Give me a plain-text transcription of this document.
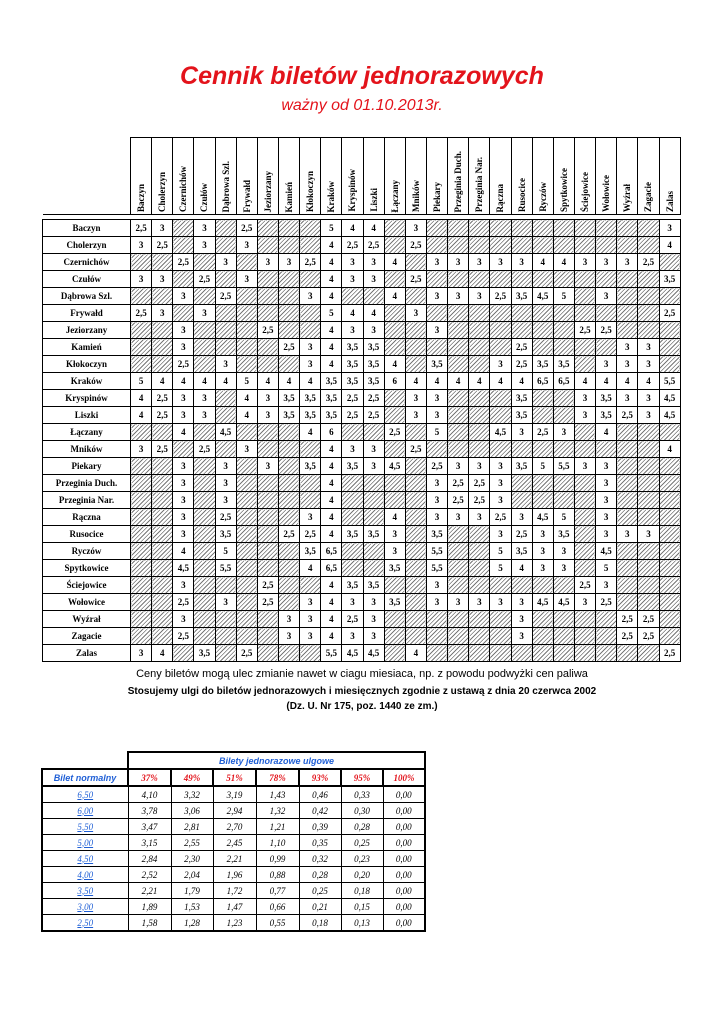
Cennik biletów jednorazowych
ważny od 01.10.2013r.
	Baczyn	Cholerzyn	Czernichów	Czułów	Dąbrowa Szl.	Frywałd	Jeziorzany	Kamień	Kłokoczyn	Kraków	Kryspinów	Liszki	Łączany	Mników	Piekary	Przeginia Duch.	Przeginia Nar.	Rączna	Rusocice	Ryczów	Spytkowice	Ściejowice	Wołowice	Wyźrał	Zagacie	Zalas

Baczyn	2,5	3		3		2,5				5	4	4		3												3
Cholerzyn	3	2,5		3		3				4	2,5	2,5		2,5												4
Czernichów			2,5		3		3	3	2,5	4	3	3	4		3	3	3	3	3	4	4	3	3	3	2,5	
Czułów	3	3		2,5		3				4	3	3		2,5												3,5
Dąbrowa Szl.			3		2,5				3	4			4		3	3	3	2,5	3,5	4,5	5		3			
Frywałd	2,5	3		3						5	4	4		3												2,5
Jeziorzany			3				2,5			4	3	3			3							2,5	2,5			
Kamień			3					2,5	3	4	3,5	3,5							2,5					3	3	
Kłokoczyn			2,5		3				3	4	3,5	3,5	4		3,5			3	2,5	3,5	3,5		3	3	3	
Kraków	5	4	4	4	4	5	4	4	4	3,5	3,5	3,5	6	4	4	4	4	4	4	6,5	6,5	4	4	4	4	5,5
Kryspinów	4	2,5	3	3		4	3	3,5	3,5	3,5	2,5	2,5		3	3				3,5			3	3,5	3	3	4,5
Liszki	4	2,5	3	3		4	3	3,5	3,5	3,5	2,5	2,5		3	3				3,5			3	3,5	2,5	3	4,5
Łączany			4		4,5				4	6			2,5		5			4,5	3	2,5	3		4			
Mników	3	2,5		2,5		3				4	3	3		2,5												4
Piekary			3		3		3		3,5	4	3,5	3	4,5		2,5	3	3	3	3,5	5	5,5	3	3			
Przeginia Duch.			3		3					4					3	2,5	2,5	3					3			
Przeginia Nar.			3		3					4					3	2,5	2,5	3					3			
Rączna			3		2,5				3	4			4		3	3	3	2,5	3	4,5	5		3			
Rusocice			3		3,5			2,5	2,5	4	3,5	3,5	3		3,5			3	2,5	3	3,5		3	3	3	
Ryczów			4		5				3,5	6,5			3		5,5			5	3,5	3	3		4,5			
Spytkowice			4,5		5,5				4	6,5			3,5		5,5			5	4	3	3		5			
Ściejowice			3				2,5			4	3,5	3,5			3							2,5	3			
Wołowice			2,5		3		2,5		3	4	3	3	3,5		3	3	3	3	3	4,5	4,5	3	2,5			
Wyźrał			3					3	3	4	2,5	3							3					2,5	2,5	
Zagacie			2,5					3	3	4	3	3							3					2,5	2,5	
Zalas	3	4		3,5		2,5				5,5	4,5	4,5		4												2,5
Ceny biletów mogą ulec zmianie nawet w ciagu miesiaca, np. z powodu podwyżki cen paliwa
Stosujemy ulgi do biletów jednorazowych i miesięcznych zgodnie z ustawą z dnia 20 czerwca 2002
(Dz. U. Nr 175, poz. 1440 ze zm.)
	Bilety jednorazowe ulgowe						
Bilet normalny	37%	49%	51%	78%	93%	95%	100%
6,50	4,10	3,32	3,19	1,43	0,46	0,33	0,00
6,00	3,78	3,06	2,94	1,32	0,42	0,30	0,00
5,50	3,47	2,81	2,70	1,21	0,39	0,28	0,00
5,00	3,15	2,55	2,45	1,10	0,35	0,25	0,00
4,50	2,84	2,30	2,21	0,99	0,32	0,23	0,00
4,00	2,52	2,04	1,96	0,88	0,28	0,20	0,00
3,50	2,21	1,79	1,72	0,77	0,25	0,18	0,00
3,00	1,89	1,53	1,47	0,66	0,21	0,15	0,00
2,50	1,58	1,28	1,23	0,55	0,18	0,13	0,00
